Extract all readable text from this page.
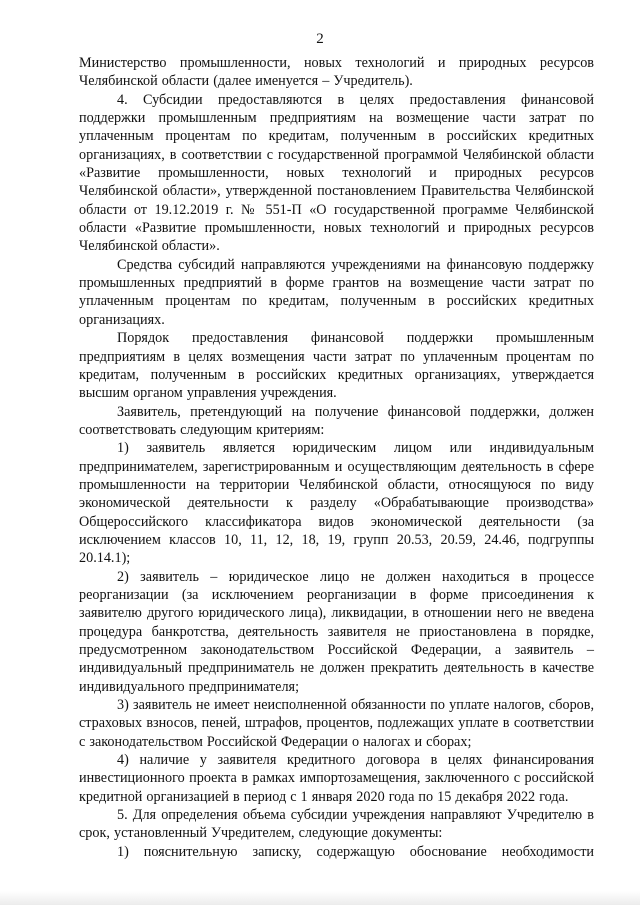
2

Министерство промышленности, новых технологий и природных ресурсов Челябинской области (далее именуется – Учредитель).

4. Субсидии предоставляются в целях предоставления финансовой поддержки промышленным предприятиям на возмещение части затрат по уплаченным процентам по кредитам, полученным в российских кредитных организациях, в соответствии с государственной программой Челябинской области «Развитие промышленности, новых технологий и природных ресурсов Челябинской области», утвержденной постановлением Правительства Челябинской области от 19.12.2019 г. № 551-П «О государственной программе Челябинской области «Развитие промышленности, новых технологий и природных ресурсов Челябинской области».

Средства субсидий направляются учреждениями на финансовую поддержку промышленных предприятий в форме грантов на возмещение части затрат по уплаченным процентам по кредитам, полученным в российских кредитных организациях.

Порядок предоставления финансовой поддержки промышленным предприятиям в целях возмещения части затрат по уплаченным процентам по кредитам, полученным в российских кредитных организациях, утверждается высшим органом управления учреждения.

Заявитель, претендующий на получение финансовой поддержки, должен соответствовать следующим критериям:

1) заявитель является юридическим лицом или индивидуальным предпринимателем, зарегистрированным и осуществляющим деятельность в сфере промышленности на территории Челябинской области, относящуюся по виду экономической деятельности к разделу «Обрабатывающие производства» Общероссийского классификатора видов экономической деятельности (за исключением классов 10, 11, 12, 18, 19, групп 20.53, 20.59, 24.46, подгруппы 20.14.1);

2) заявитель – юридическое лицо не должен находиться в процессе реорганизации (за исключением реорганизации в форме присоединения к заявителю другого юридического лица), ликвидации, в отношении него не введена процедура банкротства, деятельность заявителя не приостановлена в порядке, предусмотренном законодательством Российской Федерации, а заявитель – индивидуальный предприниматель не должен прекратить деятельность в качестве индивидуального предпринимателя;

3) заявитель не имеет неисполненной обязанности по уплате налогов, сборов, страховых взносов, пеней, штрафов, процентов, подлежащих уплате в соответствии с законодательством Российской Федерации о налогах и сборах;

4) наличие у заявителя кредитного договора в целях финансирования инвестиционного проекта в рамках импортозамещения, заключенного с российской кредитной организацией в период с 1 января 2020 года по 15 декабря 2022 года.

5. Для определения объема субсидии учреждения направляют Учредителю в срок, установленный Учредителем, следующие документы:

1) пояснительную записку, содержащую обоснование необходимости
